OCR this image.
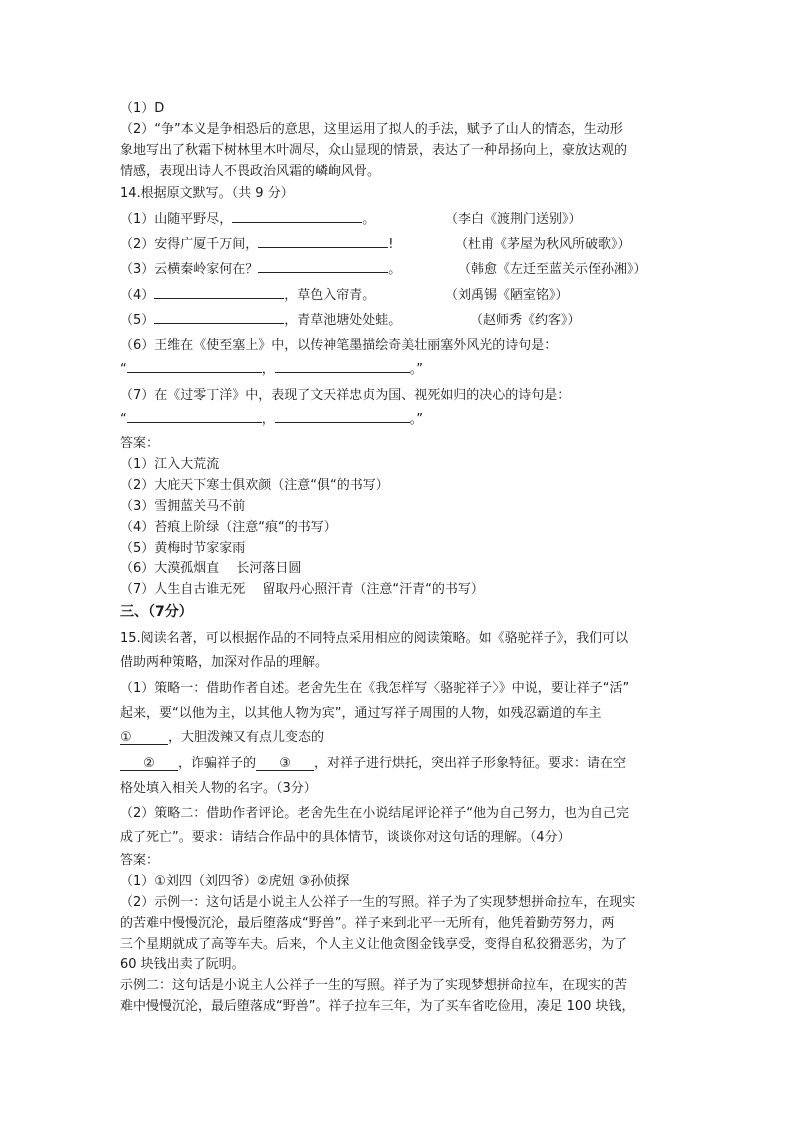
（1）D
（2）“争”本义是争相恐后的意思，这里运用了拟人的手法，赋予了山人的情态，生动形
象地写出了秋霜下树林里木叶凋尽，众山显现的情景，表达了一种昂扬向上，豪放达观的
情感，表现出诗人不畏政治风霜的嶙峋风骨。
14.根据原文默写。（共 9 分）
（1）山随平野尽，	。	（李白《渡荆门送别》）
（2）安得广厦千万间，	!	（杜甫《茅屋为秋风所破歌》）
（3）云横秦岭家何在？	。	（韩愈《左迁至蓝关示侄孙湘》）
（4）	，草色入帘青。	（刘禹锡《陋室铭》）
（5）	，青草池塘处处蛙。	（赵师秀《约客》）
（6）王维在《使至塞上》中，以传神笔墨描绘奇美壮丽塞外风光的诗句是：
“	，	。”
（7）在《过零丁洋》中，表现了文天祥忠贞为国、视死如归的决心的诗句是：
“	，	。”
答案：
（1）江入大荒流
（2）大庇天下寒士俱欢颜（注意“俱“的书写）
（3）雪拥蓝关马不前
（4）苔痕上阶绿（注意“痕“的书写）
（5）黄梅时节家家雨
（6）大漠孤烟直　 长河落日圆
（7）人生自古谁无死　 留取丹心照汗青（注意“汗青“的书写）
三、（7分）
15.阅读名著，可以根据作品的不同特点采用相应的阅读策略。如《骆驼祥子》，我们可以
借助两种策略，加深对作品的理解。
（1）策略一：借助作者自述。老舍先生在《我怎样写〈骆驼祥子〉》中说，要让祥子“活”
起来，要“以他为主，以其他人物为宾”，通过写祥子周围的人物，如残忍霸道的车主
①	，大胆泼辣又有点儿变态的
② ，诈骗祥子的 ③ ，对祥子进行烘托，突出祥子形象特征。要求：请在空
格处填入相关人物的名字。（3分）
（2）策略二：借助作者评论。老舍先生在小说结尾评论祥子“他为自己努力，也为自己完
成了死亡”。要求：请结合作品中的具体情节，谈谈你对这句话的理解。（4分）
答案：
（1）①刘四（刘四爷）②虎妞 ③孙侦探
（2）示例一：这句话是小说主人公祥子一生的写照。祥子为了实现梦想拼命拉车，在现实
的苦难中慢慢沉沦，最后堕落成“野兽”。祥子来到北平一无所有，他凭着勤劳努力，两
三个星期就成了高等车夫。后来，个人主义让他贪图金钱享受，变得自私狡猾恶劣，为了
60 块钱出卖了阮明。
示例二：这句话是小说主人公祥子一生的写照。祥子为了实现梦想拼命拉车，在现实的苦
难中慢慢沉沦，最后堕落成“野兽”。祥子拉车三年，为了买车省吃俭用，凑足 100 块钱，
